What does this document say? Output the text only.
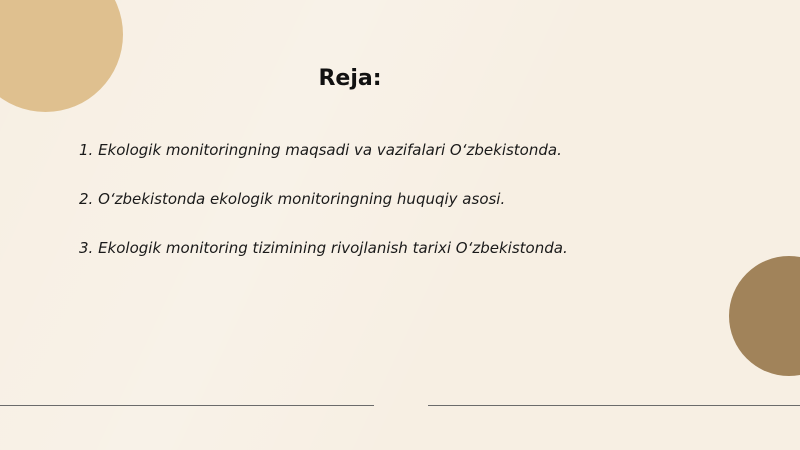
Reja:
1. Ekologik monitoringning maqsadi va vazifalari O‘zbekistonda.
2. O‘zbekistonda ekologik monitoringning huquqiy asosi.
3. Ekologik monitoring tizimining rivojlanish tarixi O‘zbekistonda.
